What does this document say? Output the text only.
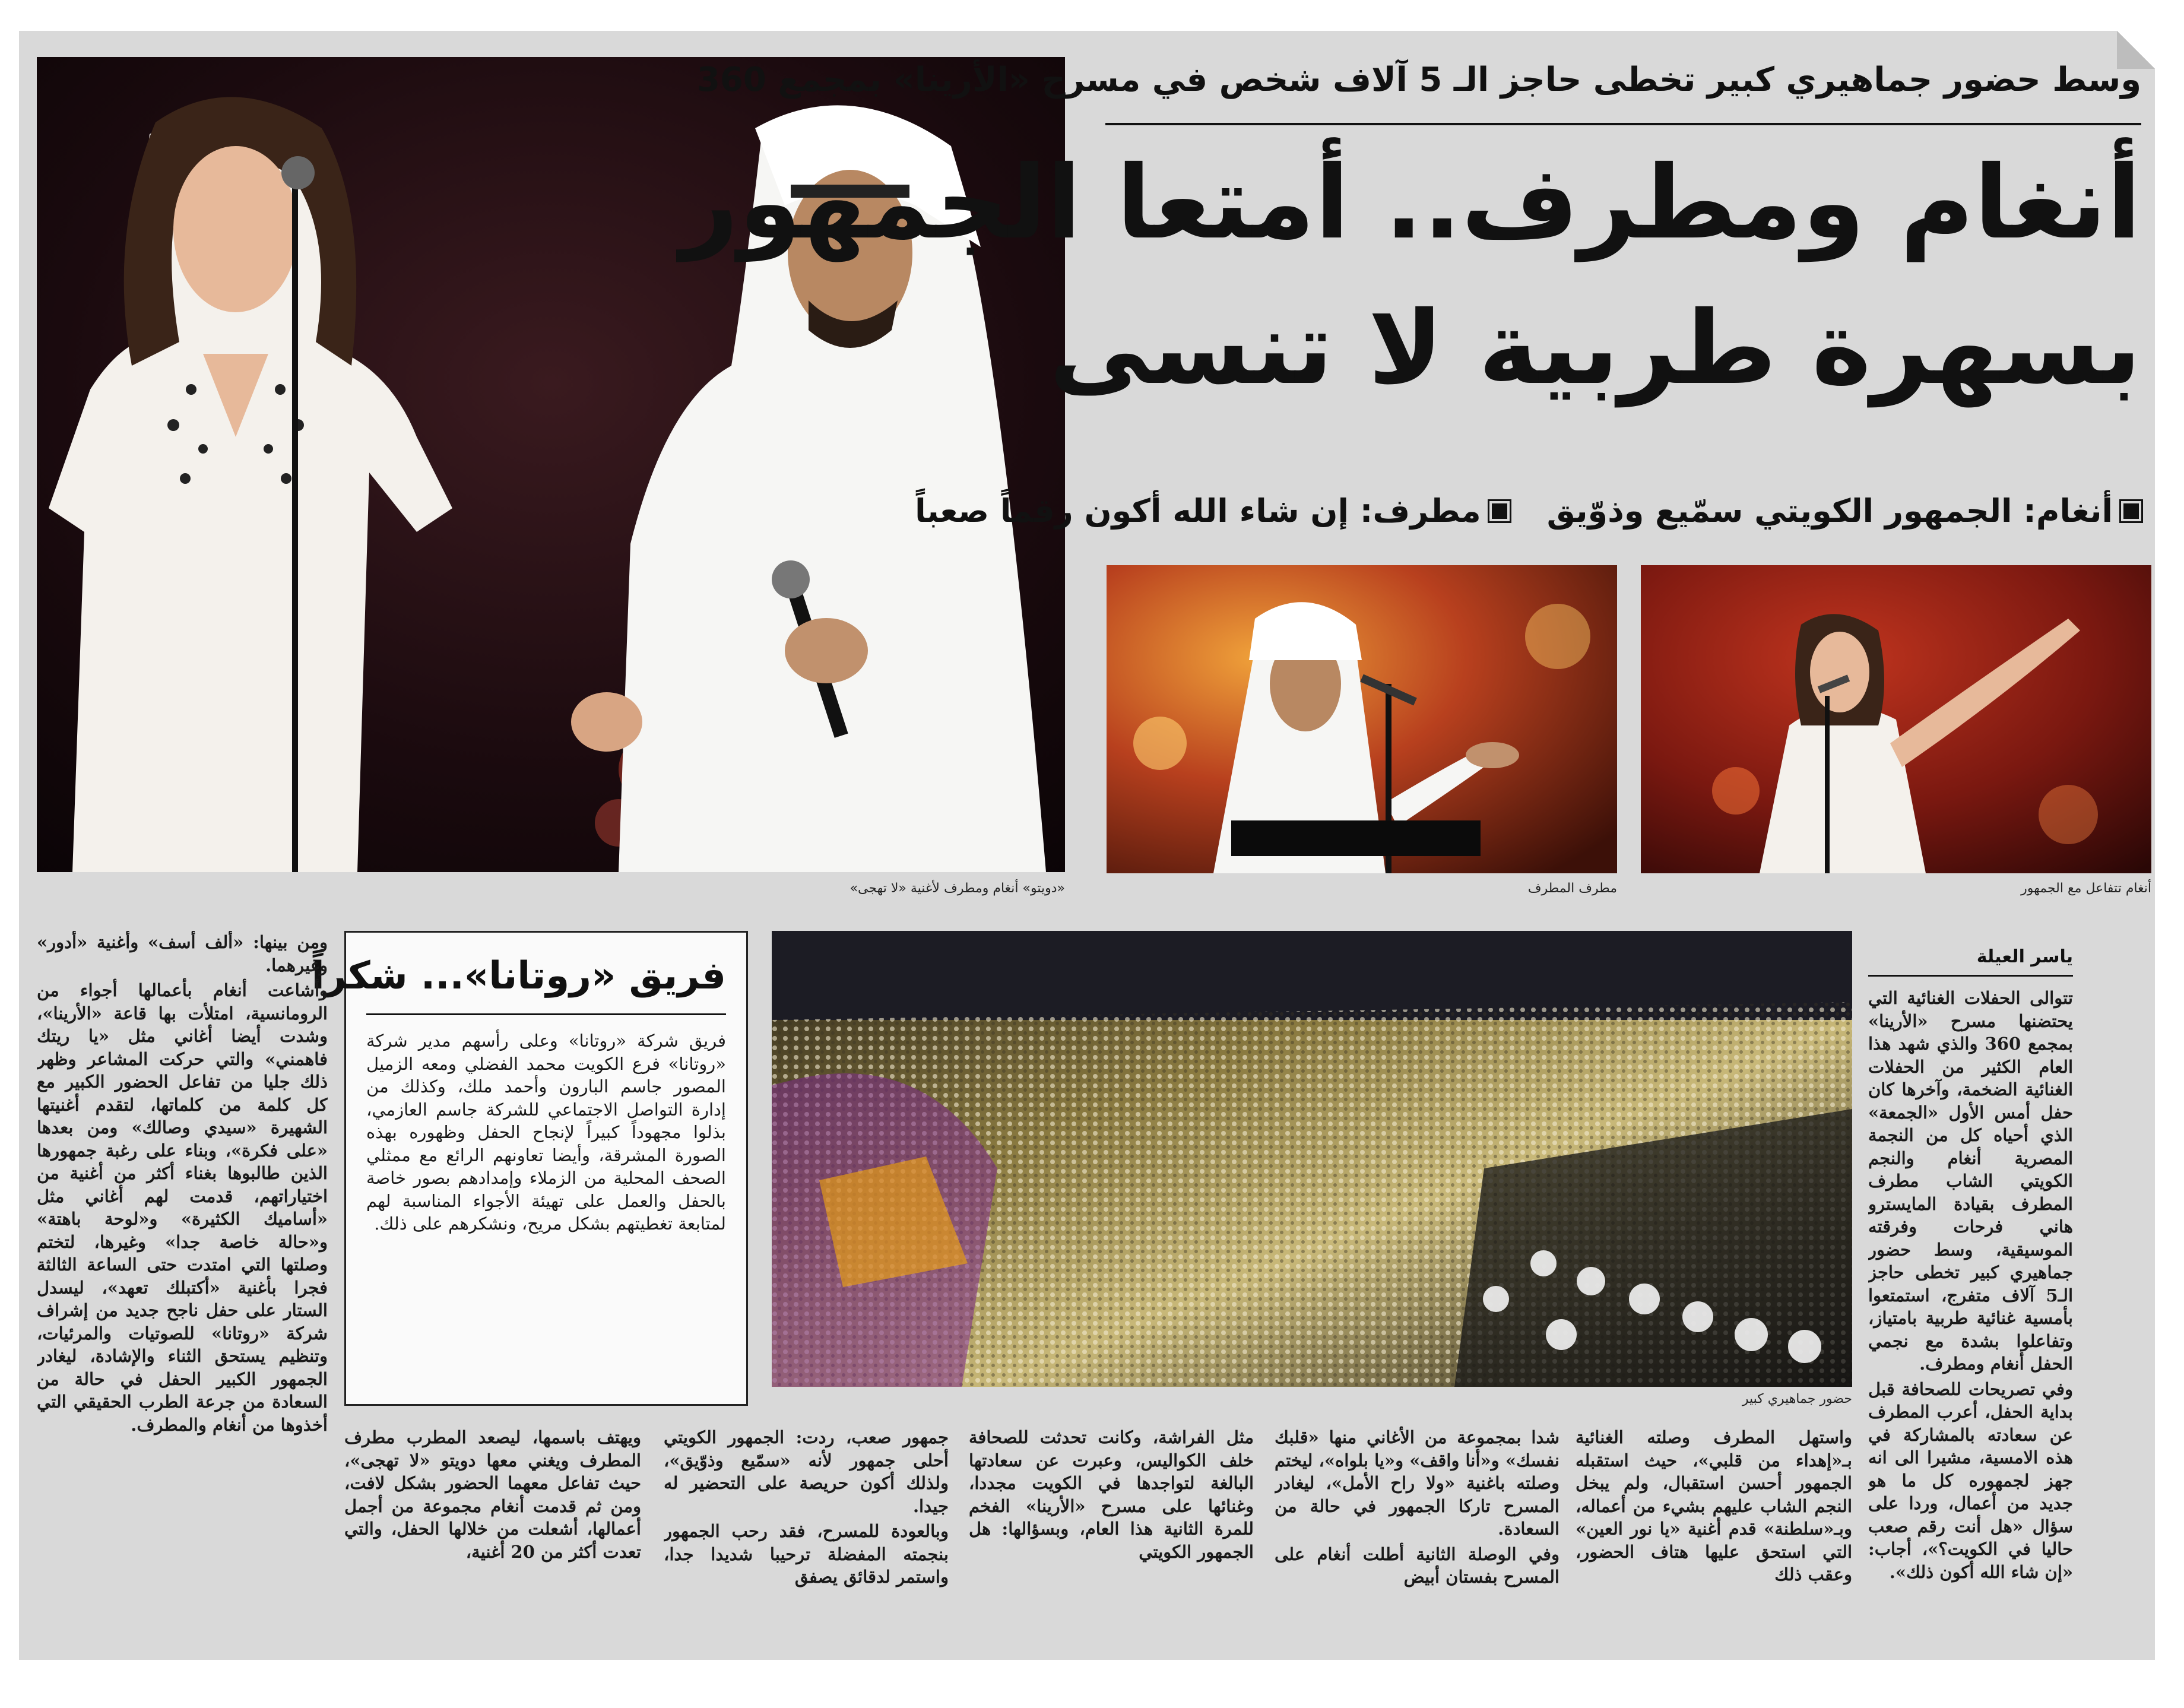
وسط حضور جماهيري كبير تخطى حاجز الـ 5 آلاف شخص في مسرح «الأرينا» بمجمع 360
أنغام ومطرف.. أمتعا الجمهور
بسهرة طربية لا تنسى
أنغام: الجمهور الكويتي سمّيع وذوّيق

مطرف: إن شاء الله أكون رقماً صعباً
«دويتو» أنغام ومطرف لأغنية «لا تهجى»	مطرف المطرف	أنغام تتفاعل مع الجمهور
ياسر العيلة
حضور جماهيري كبير
فريق «روتانا»... شكراً
فريق شركة «روتانا» وعلى رأسهم مدير شركة «روتانا» فرع الكويت محمد الفضلي ومعه الزميل المصور جاسم البارون وأحمد ملك، وكذلك من إدارة التواصل الاجتماعي للشركة جاسم العازمي، بذلوا مجهوداً كبيراً لإنجاح الحفل وظهوره بهذه الصورة المشرقة، وأيضا تعاونهم الرائع مع ممثلي الصحف المحلية من الزملاء وإمدادهم بصور خاصة بالحفل والعمل على تهيئة الأجواء المناسبة لهم لمتابعة تغطيتهم بشكل مريح، ونشكرهم على ذلك.

تتوالى الحفلات الغنائية التي يحتضنها مسرح «الأرينا» بمجمع 360 والذي شهد هذا العام الكثير من الحفلات الغنائية الضخمة، وآخرها كان حفل أمس الأول «الجمعة» الذي أحياه كل من النجمة المصرية أنغام والنجم الكويتي الشاب مطرف المطرف بقيادة المايسترو هاني فرحات وفرقته الموسيقية، وسط حضور جماهيري كبير تخطى حاجز الـ5 آلاف متفرج، استمتعوا بأمسية غنائية طربية بامتياز، وتفاعلوا بشدة مع نجمي الحفل أنغام ومطرف.

وفي تصريحات للصحافة قبل بداية الحفل، أعرب المطرف عن سعادته بالمشاركة في هذه الامسية، مشيرا الى انه جهز لجمهوره كل ما هو جديد من أعمال، وردا على سؤال «هل أنت رقم صعب حاليا في الكويت؟»، أجاب: «إن شاء الله أكون ذلك».

ومن بينها: «ألف أسف» وأغنية «أدور» وغيرهما.

وأشاعت أنغام بأعمالها أجواء من الرومانسية، امتلأت بها قاعة «الأرينا»، وشدت أيضا أغاني مثل «يا ريتك فاهمني» والتي حركت المشاعر وظهر ذلك جليا من تفاعل الحضور الكبير مع كل كلمة من كلماتها، لتقدم أغنيتها الشهيرة «سيدي وصالك» ومن بعدها «على فكرة»، وبناء على رغبة جمهورها الذين طالبوها بغناء أكثر من أغنية من اختياراتهم، قدمت لهم أغاني مثل «أساميك الكثيرة» و«لوحة باهتة» و«حالة خاصة جدا» وغيرها، لتختم وصلتها التي امتدت حتى الساعة الثالثة فجرا بأغنية «أكتبلك تعهد»، ليسدل الستار على حفل ناجح جديد من إشراف شركة «روتانا» للصوتيات والمرئيات، وتنظيم يستحق الثناء والإشادة، ليغادر الجمهور الكبير الحفل في حالة من السعادة من جرعة الطرب الحقيقي التي أخذوها من أنغام والمطرف.

واستهل المطرف وصلته الغنائية بـ«إهداء من قلبي»، حيث استقبله الجمهور أحسن استقبال، ولم يبخل النجم الشاب عليهم بشيء من أعماله، وبـ«سلطنة» قدم أغنية «يا نور العين» التي استحق عليها هتاف الحضور، وعقب ذلك

شدا بمجموعة من الأغاني منها «قلبك نفسك» و«أنا واقف» و«يا بلواه»، ليختم وصلته باغنية «ولا راح الأمل»، ليغادر المسرح تاركا الجمهور في حالة من السعادة.

وفي الوصلة الثانية أطلت أنغام على المسرح بفستان أبيض

مثل الفراشة، وكانت تحدثت للصحافة خلف الكواليس، وعبرت عن سعادتها البالغة لتواجدها في الكويت مجددا، وغنائها على مسرح «الأرينا» الفخم للمرة الثانية هذا العام، وبسؤالها: هل الجمهور الكويتي

جمهور صعب، ردت: الجمهور الكويتي أحلى جمهور لأنه «سمّيع وذوّيق»، ولذلك أكون حريصة على التحضير له جيدا.

وبالعودة للمسرح، فقد رحب الجمهور بنجمته المفضلة ترحيبا شديدا جدا، واستمر لدقائق يصفق

ويهتف باسمها، ليصعد المطرب مطرف المطرف ويغني معها دويتو «لا تهجى»، حيث تفاعل معهما الحضور بشكل لافت، ومن ثم قدمت أنغام مجموعة من أجمل أعمالها، أشعلت من خلالها الحفل، والتي تعدت أكثر من 20 أغنية،
